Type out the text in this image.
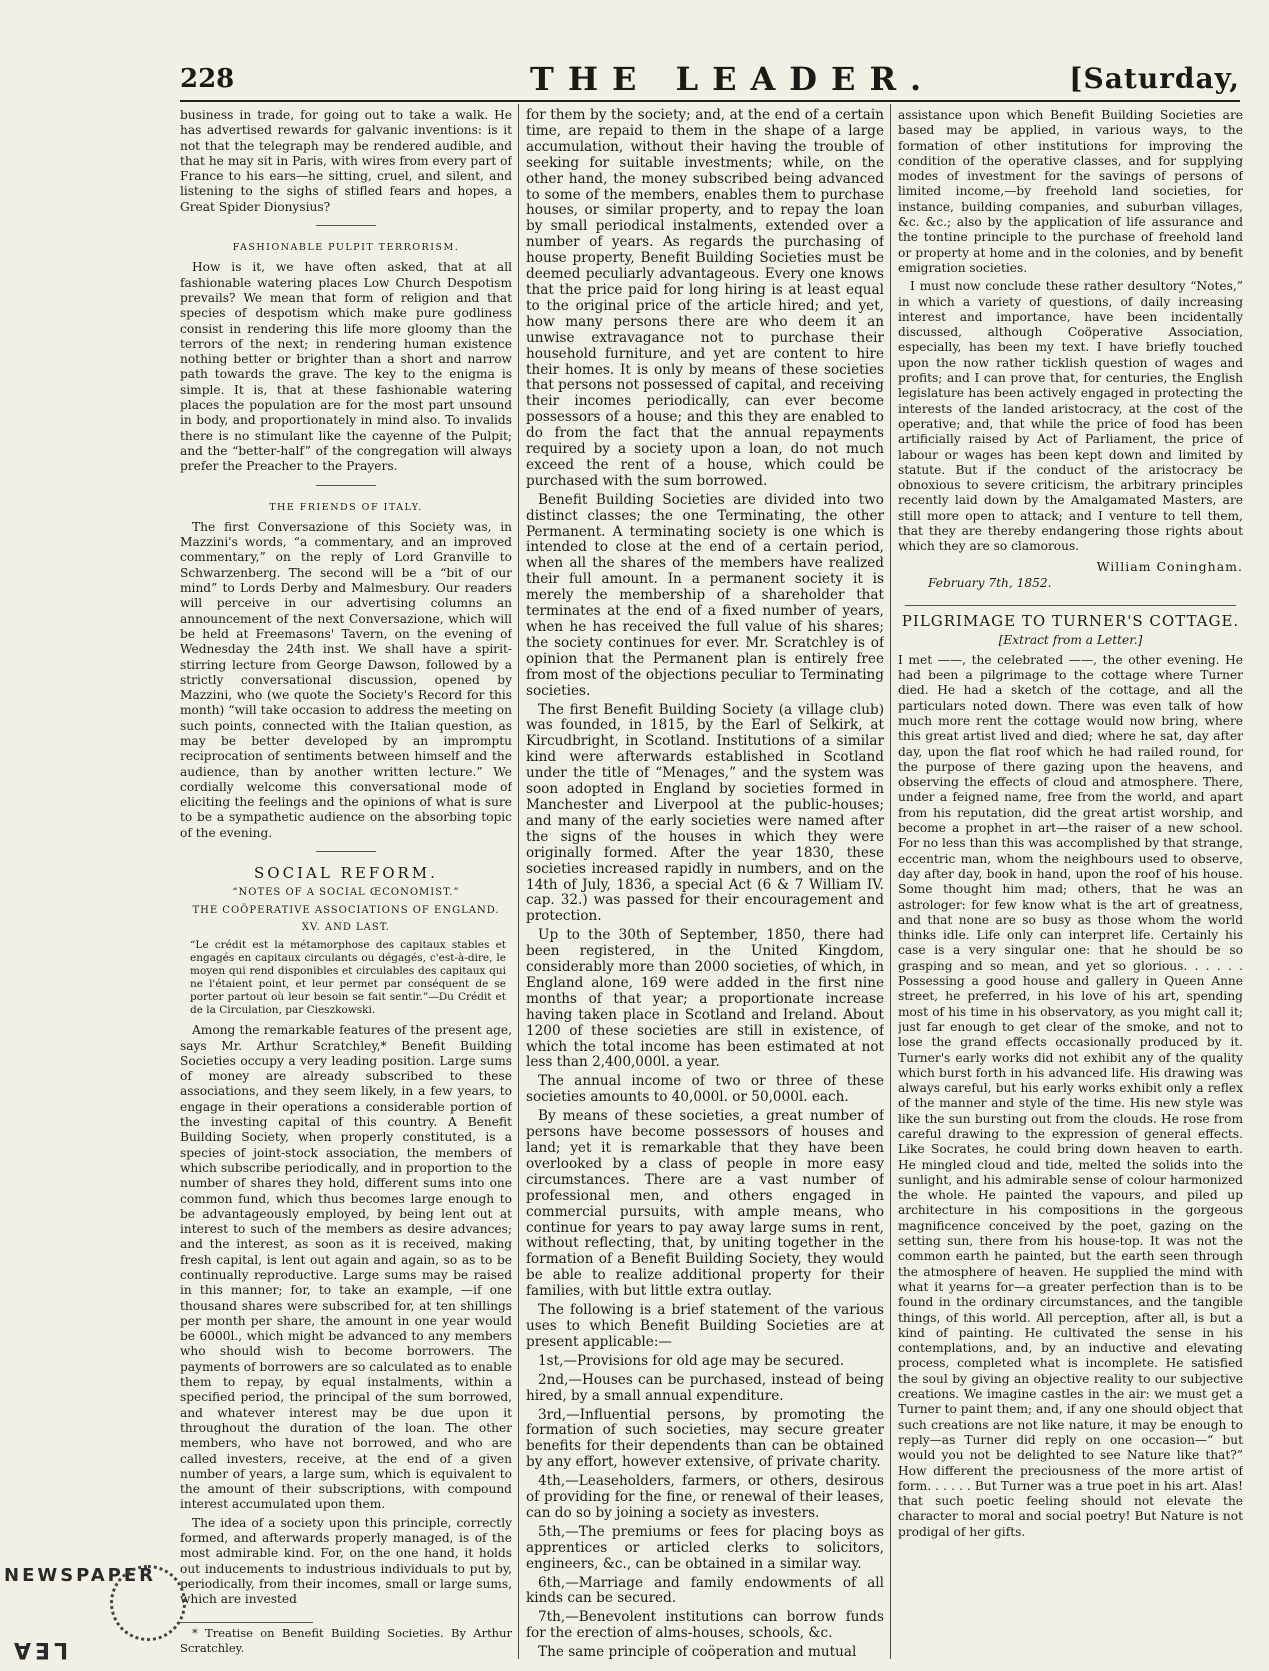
228	THE LEADER.	[Saturday,

business in trade, for going out to take a walk. He has advertised rewards for galvanic inventions: is it not that the telegraph may be rendered audible, and that he may sit in Paris, with wires from every part of France to his ears—he sitting, cruel, and silent, and listening to the sighs of stifled fears and hopes, a Great Spider Dionysius?

FASHIONABLE PULPIT TERRORISM.

How is it, we have often asked, that at all fashionable watering places Low Church Despotism prevails? We mean that form of religion and that species of despotism which make pure godliness consist in rendering this life more gloomy than the terrors of the next; in rendering human existence nothing better or brighter than a short and narrow path towards the grave. The key to the enigma is simple. It is, that at these fashionable watering places the population are for the most part unsound in body, and proportionately in mind also. To invalids there is no stimulant like the cayenne of the Pulpit; and the “better-half” of the congregation will always prefer the Preacher to the Prayers.

THE FRIENDS OF ITALY.

The first Conversazione of this Society was, in Mazzini's words, “a commentary, and an improved commentary,” on the reply of Lord Granville to Schwarzenberg. The second will be a “bit of our mind” to Lords Derby and Malmesbury. Our readers will perceive in our advertising columns an announcement of the next Conversazione, which will be held at Freemasons' Tavern, on the evening of Wednesday the 24th inst. We shall have a spirit-stirring lecture from George Dawson, followed by a strictly conversational discussion, opened by Mazzini, who (we quote the Society's Record for this month) “will take occasion to address the meeting on such points, connected with the Italian question, as may be better developed by an impromptu reciprocation of sentiments between himself and the audience, than by another written lecture.” We cordially welcome this conversational mode of eliciting the feelings and the opinions of what is sure to be a sympathetic audience on the absorbing topic of the evening.

SOCIAL REFORM.
“NOTES OF A SOCIAL ŒCONOMIST.”
THE COÖPERATIVE ASSOCIATIONS OF ENGLAND.
XV. AND LAST.
“Le crédit est la métamorphose des capitaux stables et engagés en capitaux circulants ou dégagés, c'est-à-dire, le moyen qui rend disponibles et circulables des capitaux qui ne l'étaient point, et leur permet par conséquent de se porter partout où leur besoin se fait sentir.”—Du Crédit et de la Circulation, par Cieszkowski.

Among the remarkable features of the present age, says Mr. Arthur Scratchley,* Benefit Building Societies occupy a very leading position. Large sums of money are already subscribed to these associations, and they seem likely, in a few years, to engage in their operations a considerable portion of the investing capital of this country. A Benefit Building Society, when properly constituted, is a species of joint-stock association, the members of which subscribe periodically, and in proportion to the number of shares they hold, different sums into one common fund, which thus becomes large enough to be advantageously employed, by being lent out at interest to such of the members as desire advances; and the interest, as soon as it is received, making fresh capital, is lent out again and again, so as to be continually reproductive. Large sums may be raised in this manner; for, to take an example, —if one thousand shares were subscribed for, at ten shillings per month per share, the amount in one year would be 6000l., which might be advanced to any members who should wish to become borrowers. The payments of borrowers are so calculated as to enable them to repay, by equal instalments, within a specified period, the principal of the sum borrowed, and whatever interest may be due upon it throughout the duration of the loan. The other members, who have not borrowed, and who are called investers, receive, at the end of a given number of years, a large sum, which is equivalent to the amount of their subscriptions, with compound interest accumulated upon them.

The idea of a society upon this principle, correctly formed, and afterwards properly managed, is of the most admirable kind. For, on the one hand, it holds out inducements to industrious individuals to put by, periodically, from their incomes, small or large sums, which are invested

* Treatise on Benefit Building Societies. By Arthur Scratchley.

for them by the society; and, at the end of a certain time, are repaid to them in the shape of a large accumulation, without their having the trouble of seeking for suitable investments; while, on the other hand, the money subscribed being advanced to some of the members, enables them to purchase houses, or similar property, and to repay the loan by small periodical instalments, extended over a number of years. As regards the purchasing of house property, Benefit Building Societies must be deemed peculiarly advantageous. Every one knows that the price paid for long hiring is at least equal to the original price of the article hired; and yet, how many persons there are who deem it an unwise extravagance not to purchase their household furniture, and yet are content to hire their homes. It is only by means of these societies that persons not possessed of capital, and receiving their incomes periodically, can ever become possessors of a house; and this they are enabled to do from the fact that the annual repayments required by a society upon a loan, do not much exceed the rent of a house, which could be purchased with the sum borrowed.

Benefit Building Societies are divided into two distinct classes; the one Terminating, the other Permanent. A terminating society is one which is intended to close at the end of a certain period, when all the shares of the members have realized their full amount. In a permanent society it is merely the membership of a shareholder that terminates at the end of a fixed number of years, when he has received the full value of his shares; the society continues for ever. Mr. Scratchley is of opinion that the Permanent plan is entirely free from most of the objections peculiar to Terminating societies.

The first Benefit Building Society (a village club) was founded, in 1815, by the Earl of Selkirk, at Kircudbright, in Scotland. Institutions of a similar kind were afterwards established in Scotland under the title of “Menages,” and the system was soon adopted in England by societies formed in Manchester and Liverpool at the public-houses; and many of the early societies were named after the signs of the houses in which they were originally formed. After the year 1830, these societies increased rapidly in numbers, and on the 14th of July, 1836, a special Act (6 & 7 William IV. cap. 32.) was passed for their encouragement and protection.

Up to the 30th of September, 1850, there had been registered, in the United Kingdom, considerably more than 2000 societies, of which, in England alone, 169 were added in the first nine months of that year; a proportionate increase having taken place in Scotland and Ireland. About 1200 of these societies are still in existence, of which the total income has been estimated at not less than 2,400,000l. a year.

The annual income of two or three of these societies amounts to 40,000l. or 50,000l. each.

By means of these societies, a great number of persons have become possessors of houses and land; yet it is remarkable that they have been overlooked by a class of people in more easy circumstances. There are a vast number of professional men, and others engaged in commercial pursuits, with ample means, who continue for years to pay away large sums in rent, without reflecting, that, by uniting together in the formation of a Benefit Building Society, they would be able to realize additional property for their families, with but little extra outlay.

The following is a brief statement of the various uses to which Benefit Building Societies are at present applicable:—

1st,—Provisions for old age may be secured.

2nd,—Houses can be purchased, instead of being hired, by a small annual expenditure.

3rd,—Influential persons, by promoting the formation of such societies, may secure greater benefits for their dependents than can be obtained by any effort, however extensive, of private charity.

4th,—Leaseholders, farmers, or others, desirous of providing for the fine, or renewal of their leases, can do so by joining a society as investers.

5th,—The premiums or fees for placing boys as apprentices or articled clerks to solicitors, engineers, &c., can be obtained in a similar way.

6th,—Marriage and family endowments of all kinds can be secured.

7th,—Benevolent institutions can borrow funds for the erection of alms-houses, schools, &c.

The same principle of coöperation and mutual

assistance upon which Benefit Building Societies are based may be applied, in various ways, to the formation of other institutions for improving the condition of the operative classes, and for supplying modes of investment for the savings of persons of limited income,—by freehold land societies, for instance, building companies, and suburban villages, &c. &c.; also by the application of life assurance and the tontine principle to the purchase of freehold land or property at home and in the colonies, and by benefit emigration societies.

I must now conclude these rather desultory “Notes,” in which a variety of questions, of daily increasing interest and importance, have been incidentally discussed, although Coöperative Association, especially, has been my text. I have briefly touched upon the now rather ticklish question of wages and profits; and I can prove that, for centuries, the English legislature has been actively engaged in protecting the interests of the landed aristocracy, at the cost of the operative; and, that while the price of food has been artificially raised by Act of Parliament, the price of labour or wages has been kept down and limited by statute. But if the conduct of the aristocracy be obnoxious to severe criticism, the arbitrary principles recently laid down by the Amalgamated Masters, are still more open to attack; and I venture to tell them, that they are thereby endangering those rights about which they are so clamorous.

William Coningham.
February 7th, 1852.
PILGRIMAGE TO TURNER'S COTTAGE.
[Extract from a Letter.]

I met ——, the celebrated ——, the other evening. He had been a pilgrimage to the cottage where Turner died. He had a sketch of the cottage, and all the particulars noted down. There was even talk of how much more rent the cottage would now bring, where this great artist lived and died; where he sat, day after day, upon the flat roof which he had railed round, for the purpose of there gazing upon the heavens, and observing the effects of cloud and atmosphere. There, under a feigned name, free from the world, and apart from his reputation, did the great artist worship, and become a prophet in art—the raiser of a new school. For no less than this was accomplished by that strange, eccentric man, whom the neighbours used to observe, day after day, book in hand, upon the roof of his house. Some thought him mad; others, that he was an astrologer: for few know what is the art of greatness, and that none are so busy as those whom the world thinks idle. Life only can interpret life. Certainly his case is a very singular one: that he should be so grasping and so mean, and yet so glorious. . . . . . Possessing a good house and gallery in Queen Anne street, he preferred, in his love of his art, spending most of his time in his observatory, as you might call it; just far enough to get clear of the smoke, and not to lose the grand effects occasionally produced by it. Turner's early works did not exhibit any of the quality which burst forth in his advanced life. His drawing was always careful, but his early works exhibit only a reflex of the manner and style of the time. His new style was like the sun bursting out from the clouds. He rose from careful drawing to the expression of general effects. Like Socrates, he could bring down heaven to earth. He mingled cloud and tide, melted the solids into the sunlight, and his admirable sense of colour harmonized the whole. He painted the vapours, and piled up architecture in his compositions in the gorgeous magnificence conceived by the poet, gazing on the setting sun, there from his house-top. It was not the common earth he painted, but the earth seen through the atmosphere of heaven. He supplied the mind with what it yearns for—a greater perfection than is to be found in the ordinary circumstances, and the tangible things, of this world. All perception, after all, is but a kind of painting. He cultivated the sense in his contemplations, and, by an inductive and elevating process, completed what is incomplete. He satisfied the soul by giving an objective reality to our subjective creations. We imagine castles in the air: we must get a Turner to paint them; and, if any one should object that such creations are not like nature, it may be enough to reply—as Turner did reply on one occasion—“ but would you not be delighted to see Nature like that?” How different the preciousness of the more artist of form. . . . . . But Turner was a true poet in his art. Alas! that such poetic feeling should not elevate the character to moral and social poetry! But Nature is not prodigal of her gifts.

NEWSPAPER
LEA
